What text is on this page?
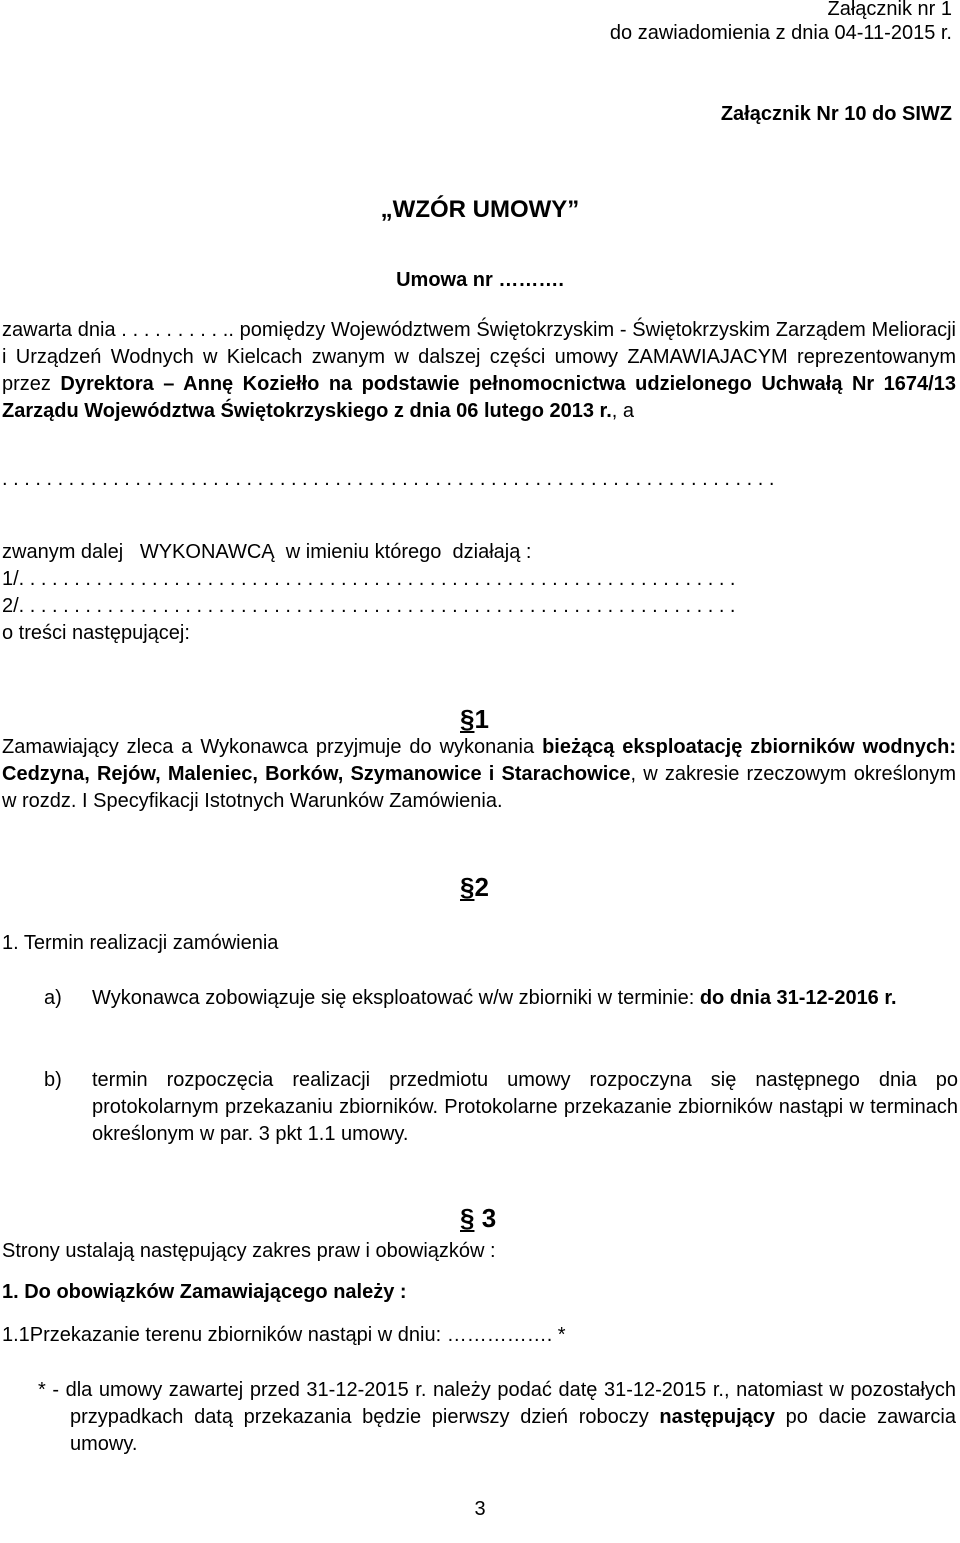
Załącznik nr 1
do zawiadomienia z dnia 04-11-2015 r.
Załącznik Nr 10 do SIWZ
„WZÓR UMOWY”
Umowa nr ……….
zawarta dnia . . . . . . . . . .. pomiędzy Województwem Świętokrzyskim - Świętokrzyskim Zarządem Melioracji i Urządzeń Wodnych w Kielcach zwanym w dalszej części umowy ZAMAWIAJACYM reprezentowanym przez Dyrektora – Annę Koziełło na podstawie pełnomocnictwa udzielonego Uchwałą Nr 1674/13 Zarządu Województwa Świętokrzyskiego z dnia 06 lutego 2013 r., a
. . . . . . . . . . . . . . . . . . . . . . . . . . . . . . . . . . . . . . . . . . . . . . . . . . . . . . . . . . . . . . . . . . . . . .
zwanym dalej   WYKONAWCĄ  w imieniu którego  działają :
1/. . . . . . . . . . . . . . . . . . . . . . . . . . . . . . . . . . . . . . . . . . . . . . . . . . . . . . . . . . . . . . . . .
2/. . . . . . . . . . . . . . . . . . . . . . . . . . . . . . . . . . . . . . . . . . . . . . . . . . . . . . . . . . . . . . . . .
o treści następującej:
§1
Zamawiający zleca a Wykonawca przyjmuje do wykonania bieżącą eksploatację zbiorników wodnych: Cedzyna, Rejów, Maleniec, Borków, Szymanowice i Starachowice, w zakresie rzeczowym określonym w rozdz. I Specyfikacji Istotnych Warunków Zamówienia.
§2
1. Termin realizacji zamówienia
a) Wykonawca zobowiązuje się eksploatować w/w zbiorniki w terminie: do dnia 31-12-2016 r.
b) termin rozpoczęcia realizacji przedmiotu umowy rozpoczyna się następnego dnia po protokolarnym przekazaniu zbiorników. Protokolarne przekazanie zbiorników nastąpi w terminach określonym w par. 3 pkt 1.1 umowy.
§ 3
Strony ustalają następujący zakres praw i obowiązków :
1. Do obowiązków Zamawiającego należy :
1.1Przekazanie terenu zbiorników nastąpi w dniu: ……………. *
* - dla umowy zawartej przed 31-12-2015 r. należy podać datę 31-12-2015 r., natomiast w pozostałych przypadkach datą przekazania będzie pierwszy dzień roboczy następujący po dacie zawarcia umowy.
3
